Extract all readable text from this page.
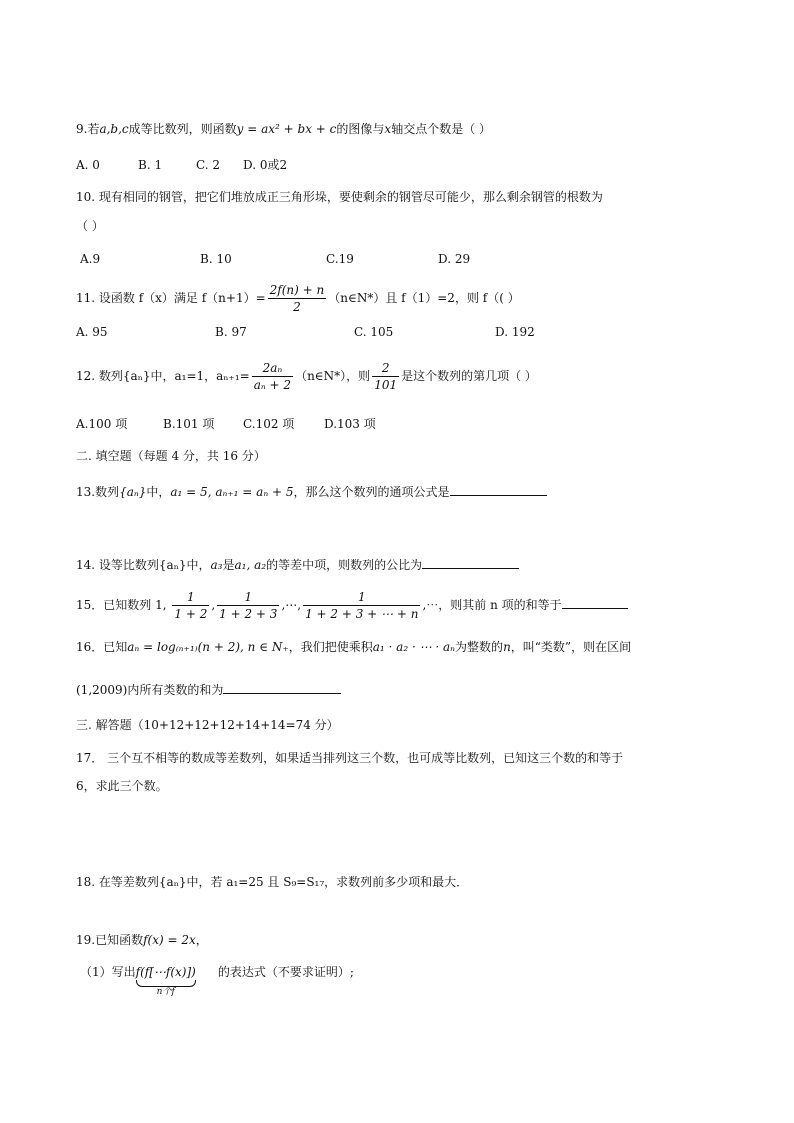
9.若a,b,c成等比数列，则函数y = ax² + bx + c的图像与x轴交点个数是（ ）
A. 0	B. 1	C. 2 D. 0或2
10. 现有相同的钢管，把它们堆放成正三角形垛，要使剩余的钢管尽可能少，那么剩余钢管的根数为
（ ）
A.9	B. 10	C.19	D. 29
11. 设函数 f（x）满足 $f(n+1)= \frac{2f(n) + n}{2}$ （n∈N*）且 f（1）=2，则 f（( ）
A. 95	B. 97	C. 105	D. 192
12. 数列{aₙ}中，a₁=1，$a_{n+1}= \frac{\text{2aₙ}}{\text{aₙ + 2}}$ （n∈N*），则 $\frac{2}{101}$ 是这个数列的第几项（ ）
A.100 项	B.101 项 C.102 项 D.103 项
二. 填空题（每题 4 分，共 16 分）
13.数列{aₙ}中，a₁ = 5, aₙ₊₁ = aₙ + 5，那么这个数列的通项公式是
14. 设等比数列{aₙ}中，a₃是a₁, a₂的等差中项，则数列的公比为
15．已知数列 1, $\frac{1}{1 + 2}$ , $\frac{1}{1 + 2 + 3}$ ,⋯, $\frac{1}{1 + 2 + 3 + \cdots + n}$ ,⋯，则其前 n 项的和等于
16．已知aₙ = log₍ₙ₊₁₎(n + 2), n ∈ N₊，我们把使乘积a₁ · a₂ · ⋯ · aₙ为整数的n，叫“类数”，则在区间
(1,2009)内所有类数的和为
三. 解答题（10+12+12+12+14+14=74 分）
17． 三个互不相等的数成等差数列，如果适当排列这三个数，也可成等比数列，已知这三个数的和等于
6，求此三个数。
18. 在等差数列{aₙ}中，若 a₁=25 且 S₉=S₁₇，求数列前多少项和最大．
19.已知函数f(x) = 2x，
（1）写出f(f[⋯f(x)])
n个f
的表达式（不要求证明）;
